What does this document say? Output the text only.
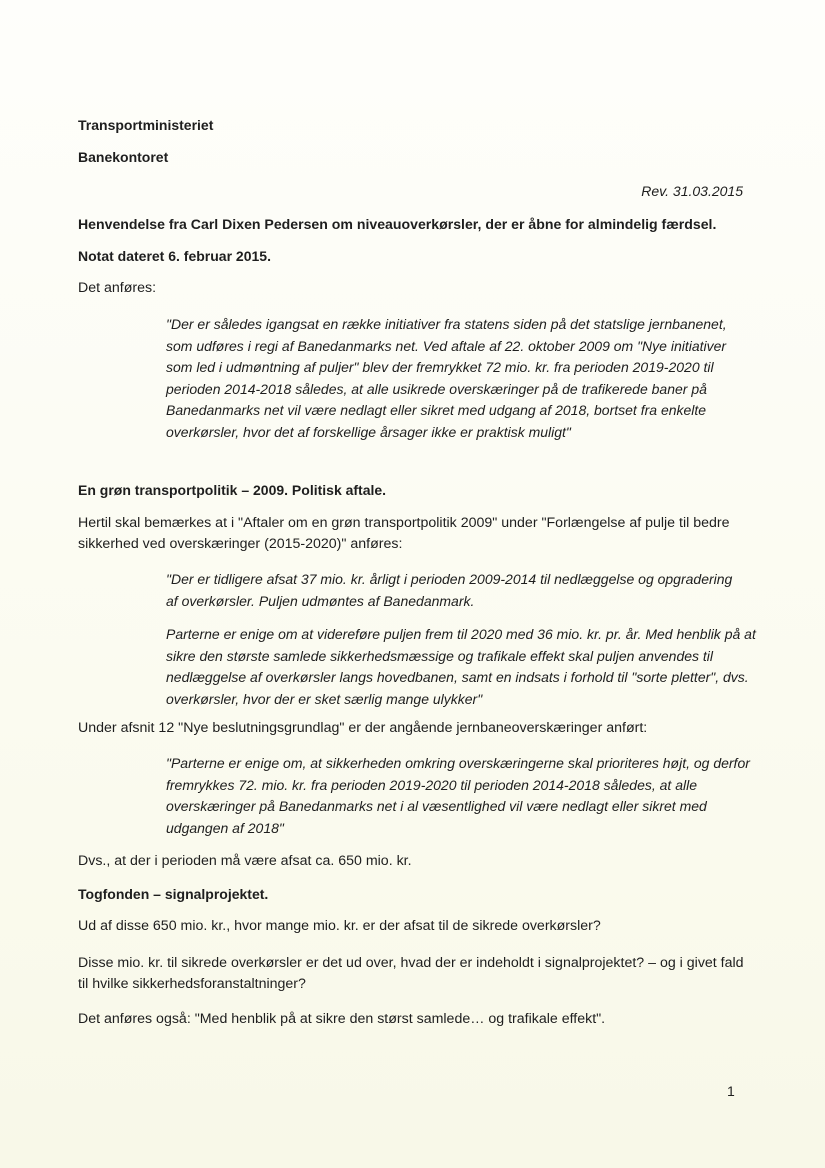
Transportministeriet

Banekontoret

Rev. 31.03.2015

Henvendelse fra Carl Dixen Pedersen om niveauoverkørsler, der er åbne for almindelig færdsel.

Notat dateret 6. februar 2015.

Det anføres:

"Der er således igangsat en række initiativer fra statens siden på det statslige jernbanenet, som udføres i regi af Banedanmarks net. Ved aftale af 22. oktober 2009 om "Nye initiativer som led i udmøntning af puljer" blev der fremrykket 72 mio. kr. fra perioden 2019-2020 til perioden 2014-2018 således, at alle usikrede overskæringer på de trafikerede baner på Banedanmarks net vil være nedlagt eller sikret med udgang af 2018, bortset fra enkelte overkørsler, hvor det af forskellige årsager ikke er praktisk muligt"

En grøn transportpolitik – 2009. Politisk aftale.

Hertil skal bemærkes at i "Aftaler om en grøn transportpolitik 2009" under "Forlængelse af pulje til bedre sikkerhed ved overskæringer (2015-2020)" anføres:

"Der er tidligere afsat 37 mio. kr. årligt i perioden 2009-2014 til nedlæggelse og opgradering af overkørsler. Puljen udmøntes af Banedanmark.

Parterne er enige om at videreføre puljen frem til 2020 med 36 mio. kr. pr. år. Med henblik på at sikre den største samlede sikkerhedsmæssige og trafikale effekt skal puljen anvendes til nedlæggelse af overkørsler langs hovedbanen, samt en indsats i forhold til "sorte pletter", dvs. overkørsler, hvor der er sket særlig mange ulykker"

Under afsnit 12 "Nye beslutningsgrundlag" er der angående jernbaneoverskæringer anført:

"Parterne er enige om, at sikkerheden omkring overskæringerne skal prioriteres højt, og derfor fremrykkes 72. mio. kr. fra perioden 2019-2020 til perioden 2014-2018 således, at alle overskæringer på Banedanmarks net i al væsentlighed vil være nedlagt eller sikret med udgangen af 2018"

Dvs., at der i perioden må være afsat ca. 650 mio. kr.

Togfonden – signalprojektet.

Ud af disse 650 mio. kr., hvor mange mio. kr. er der afsat til de sikrede overkørsler?

Disse mio. kr. til sikrede overkørsler er det ud over, hvad der er indeholdt i signalprojektet? – og i givet fald til hvilke sikkerhedsforanstaltninger?

Det anføres også: "Med henblik på at sikre den størst samlede… og trafikale effekt".

1
